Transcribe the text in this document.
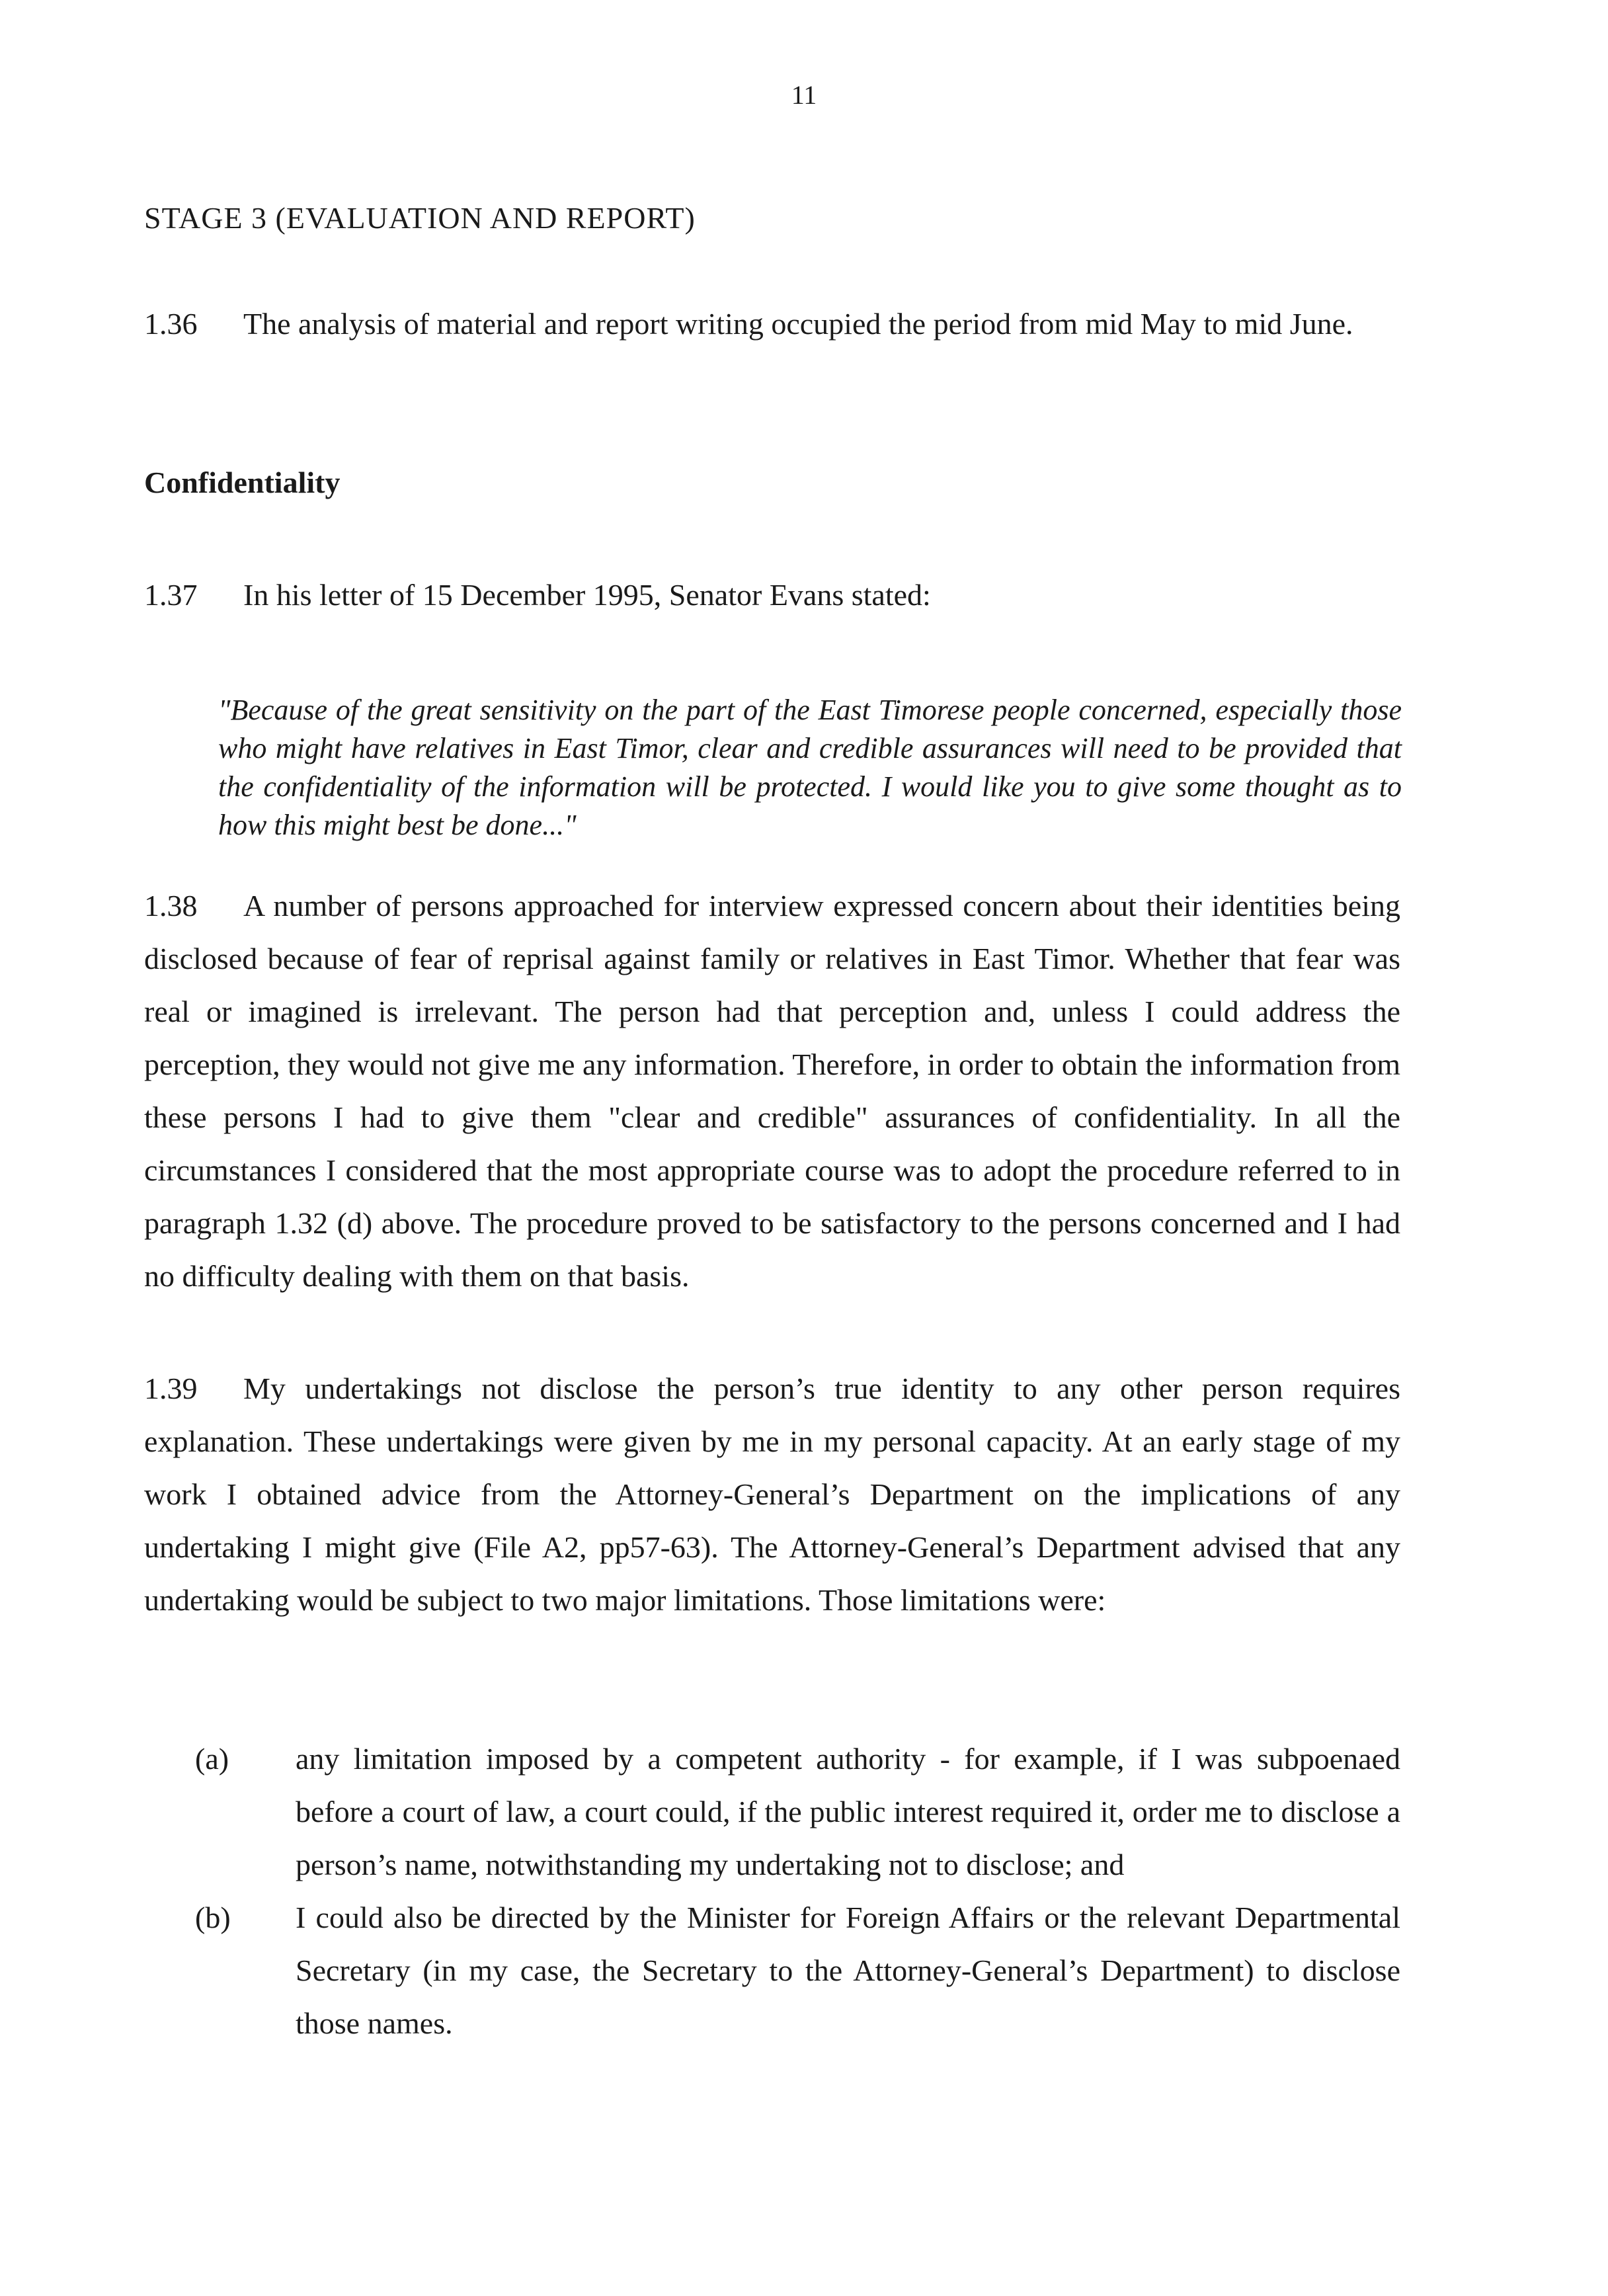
11
STAGE 3 (EVALUATION AND REPORT)
1.36 The analysis of material and report writing occupied the period from mid May to mid June.
Confidentiality
1.37 In his letter of 15 December 1995, Senator Evans stated:
"Because of the great sensitivity on the part of the East Timorese people concerned, especially those who might have relatives in East Timor, clear and credible assurances will need to be provided that the confidentiality of the information will be protected. I would like you to give some thought as to how this might best be done..."
1.38 A number of persons approached for interview expressed concern about their identities being disclosed because of fear of reprisal against family or relatives in East Timor. Whether that fear was real or imagined is irrelevant. The person had that perception and, unless I could address the perception, they would not give me any information. Therefore, in order to obtain the information from these persons I had to give them "clear and credible" assurances of confidentiality. In all the circumstances I considered that the most appropriate course was to adopt the procedure referred to in paragraph 1.32 (d) above. The procedure proved to be satisfactory to the persons concerned and I had no difficulty dealing with them on that basis.
1.39 My undertakings not disclose the person’s true identity to any other person requires explanation. These undertakings were given by me in my personal capacity. At an early stage of my work I obtained advice from the Attorney-General’s Department on the implications of any undertaking I might give (File A2, pp57-63). The Attorney-General’s Department advised that any undertaking would be subject to two major limitations. Those limitations were:
(a)	any limitation imposed by a competent authority - for example, if I was subpoenaed before a court of law, a court could, if the public interest required it, order me to disclose a person’s name, notwithstanding my undertaking not to disclose; and
(b)	I could also be directed by the Minister for Foreign Affairs or the relevant Departmental Secretary (in my case, the Secretary to the Attorney-General’s Department) to disclose those names.
